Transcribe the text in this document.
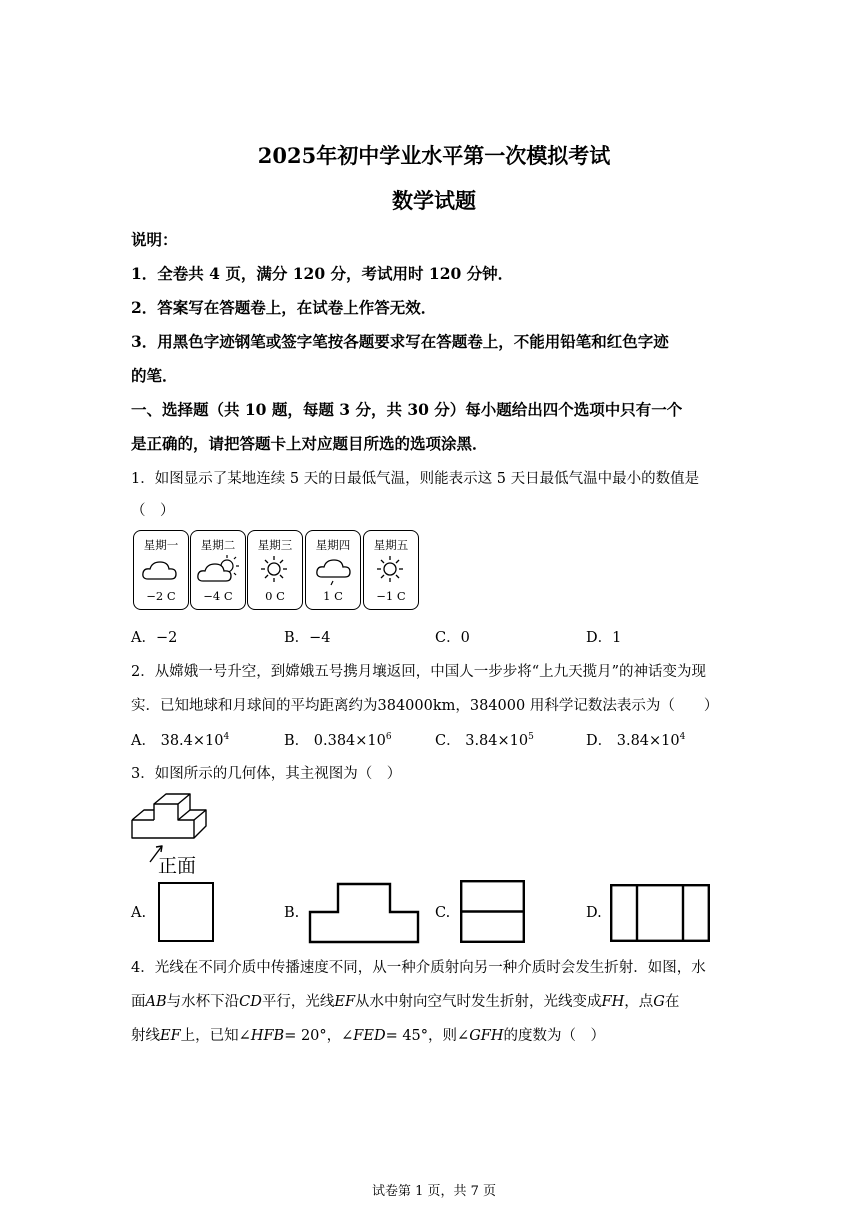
2025年初中学业水平第一次模拟考试
数学试题
说明：
1．全卷共 4 页，满分 120 分，考试用时 120 分钟．
2．答案写在答题卷上，在试卷上作答无效．
3．用黑色字迹钢笔或签字笔按各题要求写在答题卷上，不能用铅笔和红色字迹
的笔．
一、选择题（共 10 题，每题 3 分，共 30 分）每小题给出四个选项中只有一个
是正确的，请把答题卡上对应题目所选的选项涂黑．
1．如图显示了某地连续 5 天的日最低气温，则能表示这 5 天日最低气温中最小的数值是
（　）
星期一
−2 C
星期二
−4 C
星期三
0 C
星期四
1 C
星期五
−1 C
A．−2	B．−4	C．0	D．1
2．从嫦娥一号升空，到嫦娥五号携月壤返回，中国人一步步将“上九天揽月”的神话变为现
实．已知地球和月球间的平均距离约为384000km，384000 用科学记数法表示为（　　）
A． $38.4\times 10^4$	B． $0.384\times 10^6$	C． $3.84\times 10^5$	D． $3.84\times 10^4$
3．如图所示的几何体，其主视图为（　）
正面
A.	B.	C.	D.
4．光线在不同介质中传播速度不同，从一种介质射向另一种介质时会发生折射．如图，水
面AB与水杯下沿CD平行，光线EF从水中射向空气时发生折射，光线变成FH，点G在
射线EF上，已知∠HFB= 20°，∠FED= 45°，则∠GFH的度数为（　）
试卷第 1 页，共 7 页
